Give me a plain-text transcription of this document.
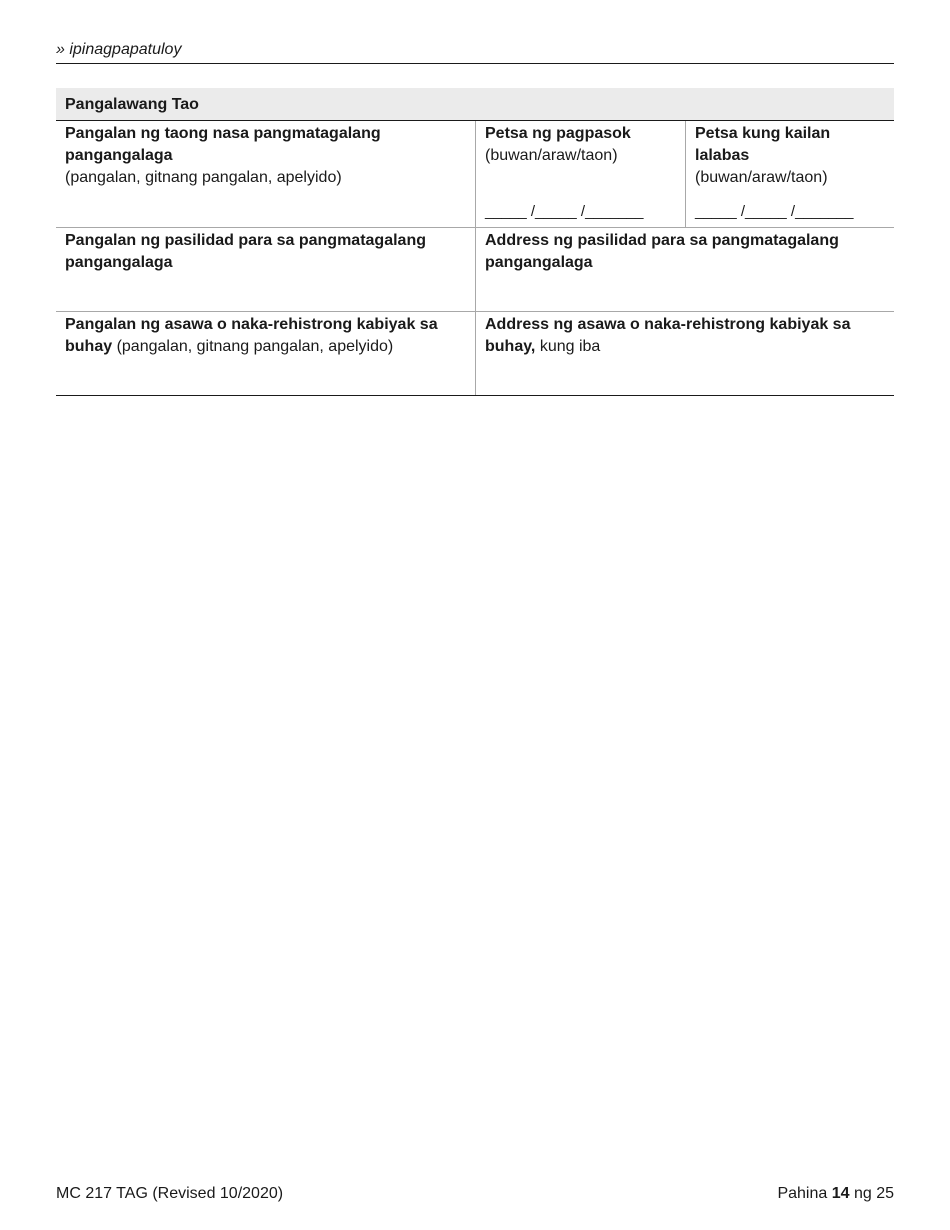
» ipinagpapatuloy
Pangalawang Tao
Pangalan ng taong nasa pangmatagalang pangangalaga
(pangalan, gitnang pangalan, apelyido)
Petsa ng pagpasok
(buwan/araw/taon)
_____ /_____ /_______
Petsa kung kailan lalabas
(buwan/araw/taon)
_____ /_____ /_______
Pangalan ng pasilidad para sa pangmatagalang pangangalaga
Address ng pasilidad para sa pangmatagalang pangangalaga
Pangalan ng asawa o naka-rehistrong kabiyak sa buhay (pangalan, gitnang pangalan, apelyido)
Address ng asawa o naka-rehistrong kabiyak sa buhay, kung iba
MC 217 TAG (Revised 10/2020)	Pahina 14 ng 25
